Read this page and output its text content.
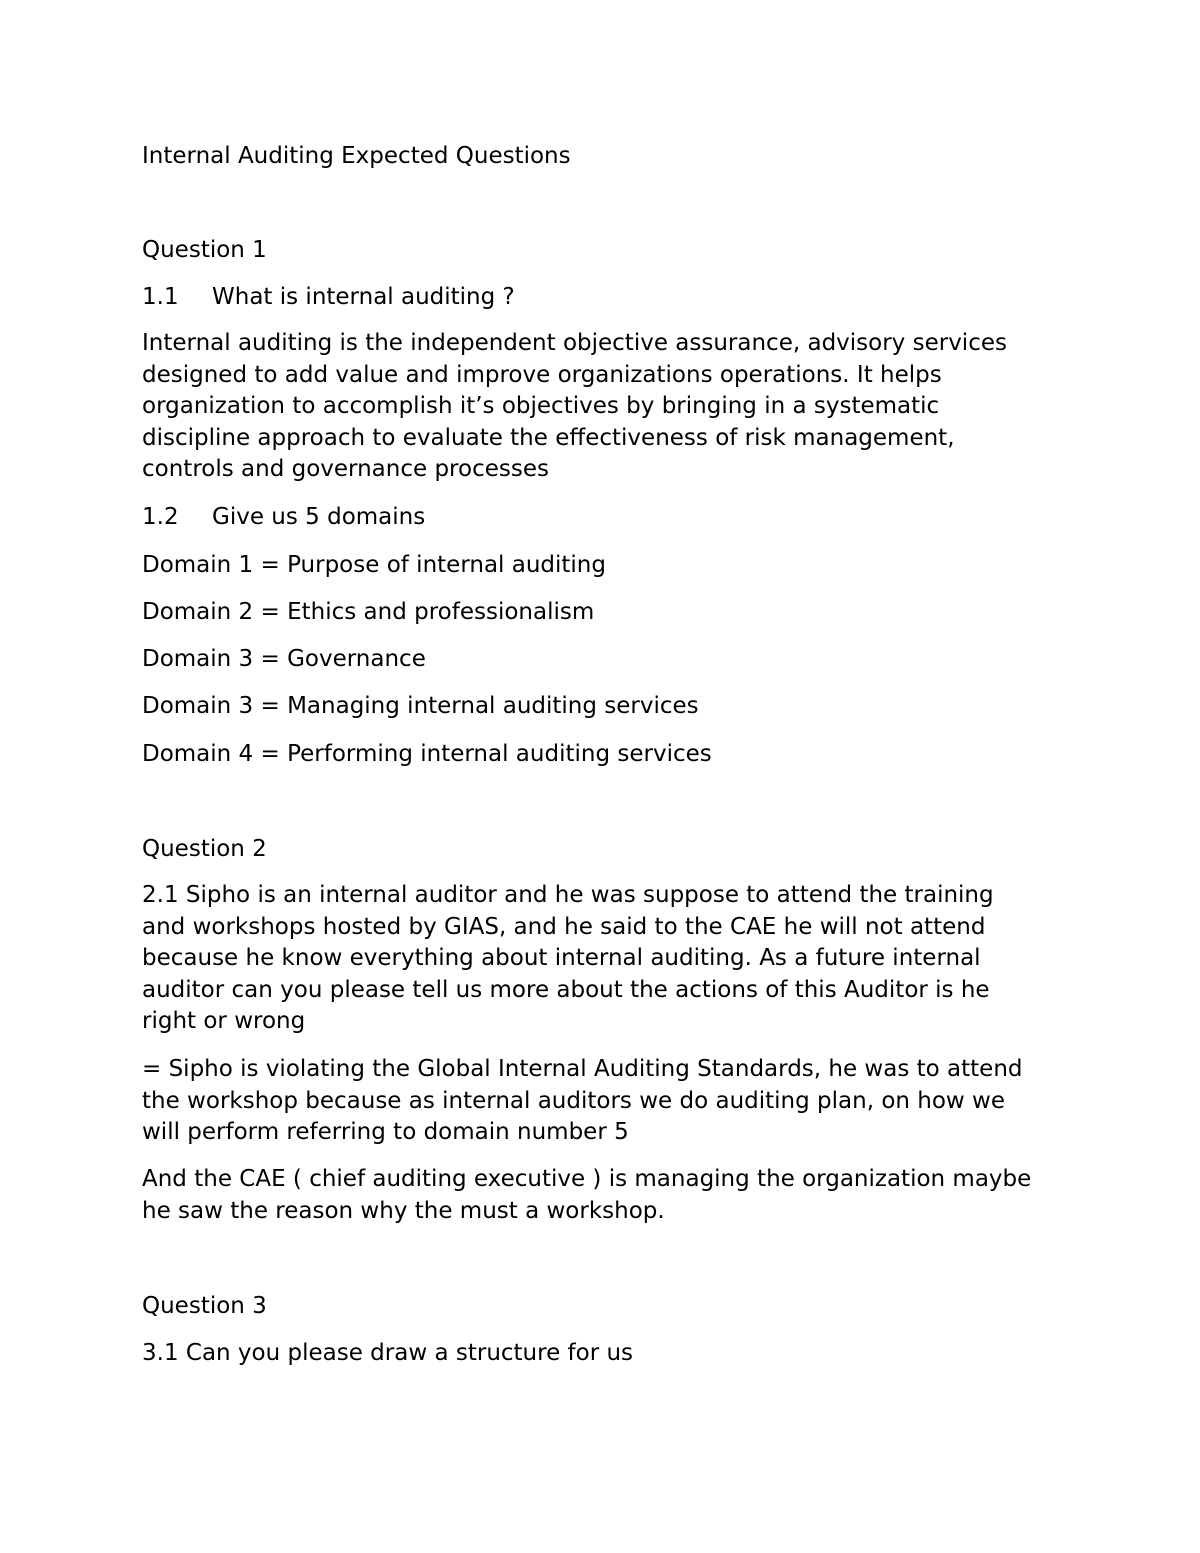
Internal Auditing Expected Questions

Question 1

1.1 What is internal auditing ?

Internal auditing is the independent objective assurance, advisory services
designed to add value and improve organizations operations. It helps
organization to accomplish it’s objectives by bringing in a systematic
discipline approach to evaluate the effectiveness of risk management,
controls and governance processes

1.2 Give us 5 domains

Domain 1 = Purpose of internal auditing

Domain 2 = Ethics and professionalism

Domain 3 = Governance

Domain 3 = Managing internal auditing services

Domain 4 = Performing internal auditing services

Question 2

2.1 Sipho is an internal auditor and he was suppose to attend the training
and workshops hosted by GIAS, and he said to the CAE he will not attend
because he know everything about internal auditing. As a future internal
auditor can you please tell us more about the actions of this Auditor is he
right or wrong
= Sipho is violating the Global Internal Auditing Standards, he was to attend
the workshop because as internal auditors we do auditing plan, on how we
will perform referring to domain number 5
And the CAE ( chief auditing executive ) is managing the organization maybe
he saw the reason why the must a workshop.

Question 3

3.1 Can you please draw a structure for us
